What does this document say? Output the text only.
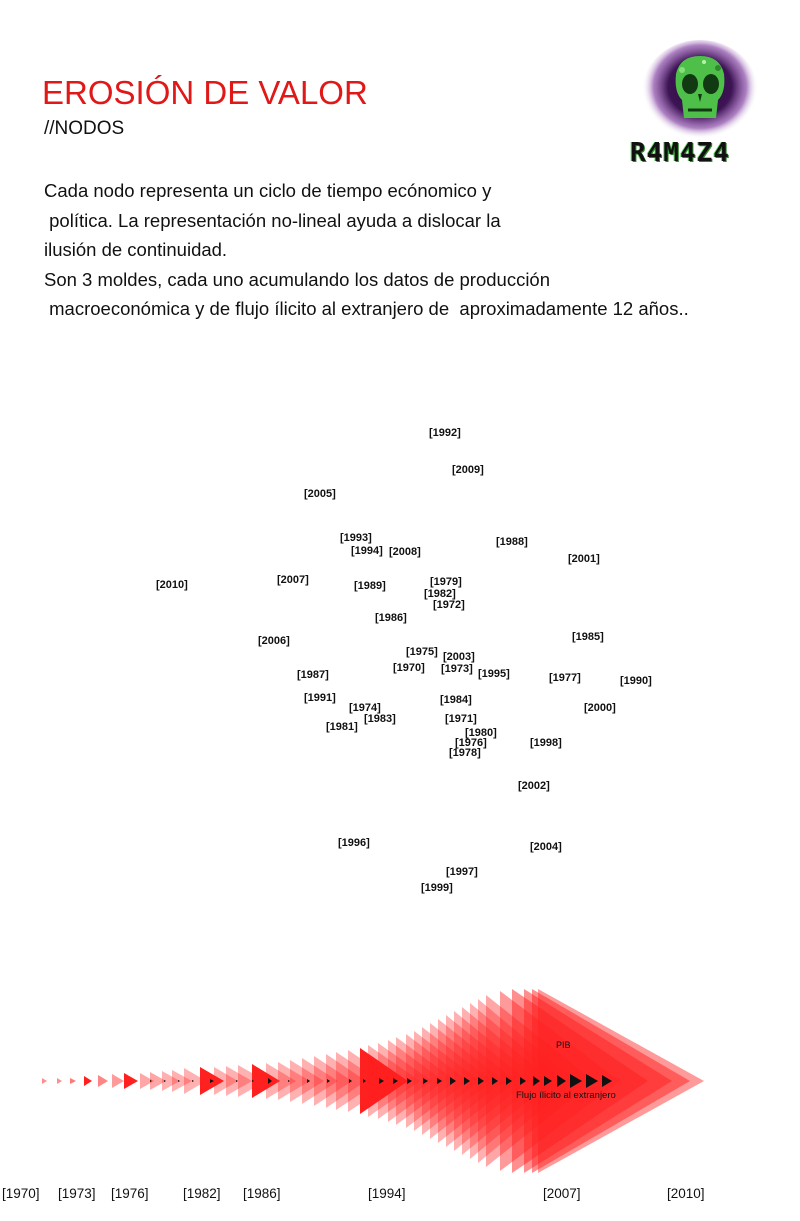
EROSIÓN DE VALOR
//NODOS
Cada nodo representa un ciclo de tiempo ecónomico y
política. La representación no-lineal ayuda a dislocar la
ilusión de continuidad.
Son 3 moldes, cada uno acumulando los datos de producción
macroeconómica y de flujo ílicito al extranjero de  aproximadamente 12 años..
R4M4Z4
[1992]
[2009]
[2005]
[1993]
[1994] [2008]
[1988]
[2001]
[2010]	[2007]	[1989]	[1979]
[1982]
[1972]
[1986]
[1985]
[2006]
[1975] [2003]
[1970] [1973] [1995]
[1987]	[1977]	[1990]
[1991]	[1984]
[1974]	[2000]
[1983]	[1971]
[1981]	[1980]
[1976]	[1998]
[1978]
[2002]
[1996]	[2004]
[1997]
[1999]
PIB
Flujo ílicito al extranjero
[1970] [1973] [1976]	[1982] [1986]	[1994]	[2007]	[2010]
